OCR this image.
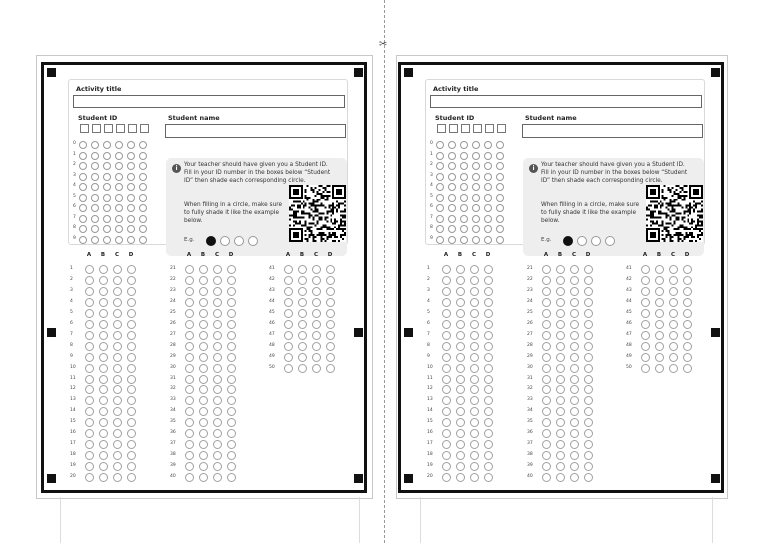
✂
Activity title
Student ID	Student name
0
1
2
3
4
5
6
7
8
9
i	Your teacher should have given you a Student ID. Fill in your ID number in the boxes below “Student ID” then shade each corresponding circle.
When filling in a circle, make sure to fully shade it like the example below.
E.g.
A	B	C	D	A	B	C	D	A	B	C	D
1
2
3
4
5
6
7
8
9
10
11
12
13
14
15
16
17
18
19
20
21
22
23
24
25
26
27
28
29
30
31
32
33
34
35
36
37
38
39
40
41
42
43
44
45
46
47
48
49
50
Activity title
Student ID	Student name
0
1
2
3
4
5
6
7
8
9
i	Your teacher should have given you a Student ID. Fill in your ID number in the boxes below “Student ID” then shade each corresponding circle.
When filling in a circle, make sure to fully shade it like the example below.
E.g.
A	B	C	D	A	B	C	D	A	B	C	D
1
2
3
4
5
6
7
8
9
10
11
12
13
14
15
16
17
18
19
20
21
22
23
24
25
26
27
28
29
30
31
32
33
34
35
36
37
38
39
40
41
42
43
44
45
46
47
48
49
50
